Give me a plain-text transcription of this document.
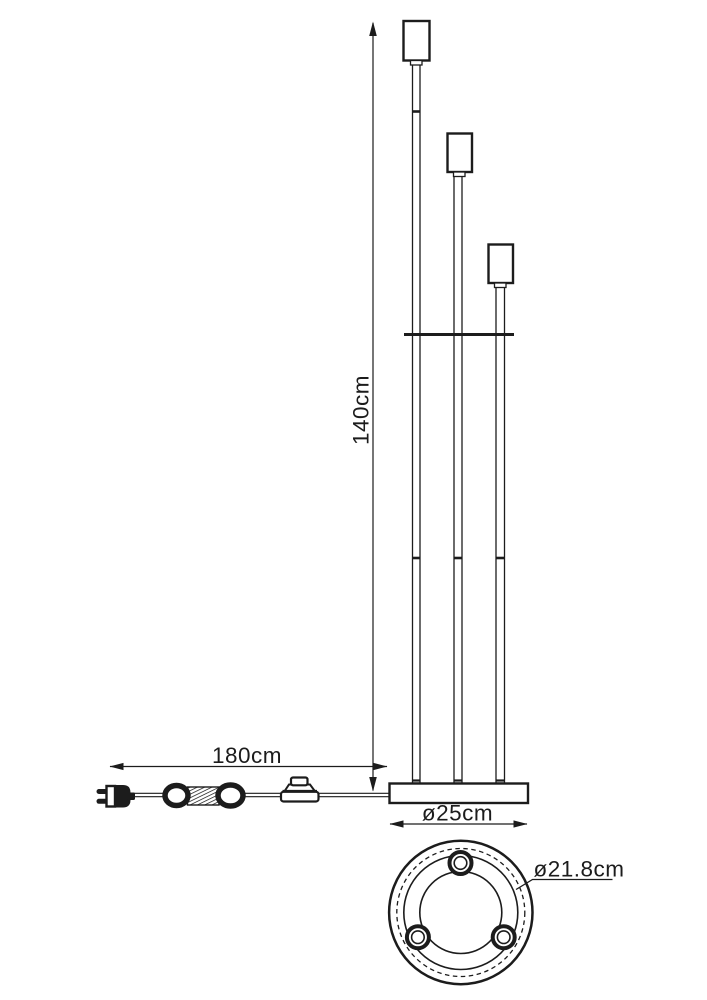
140cm
180cm
ø25cm
ø21.8cm
